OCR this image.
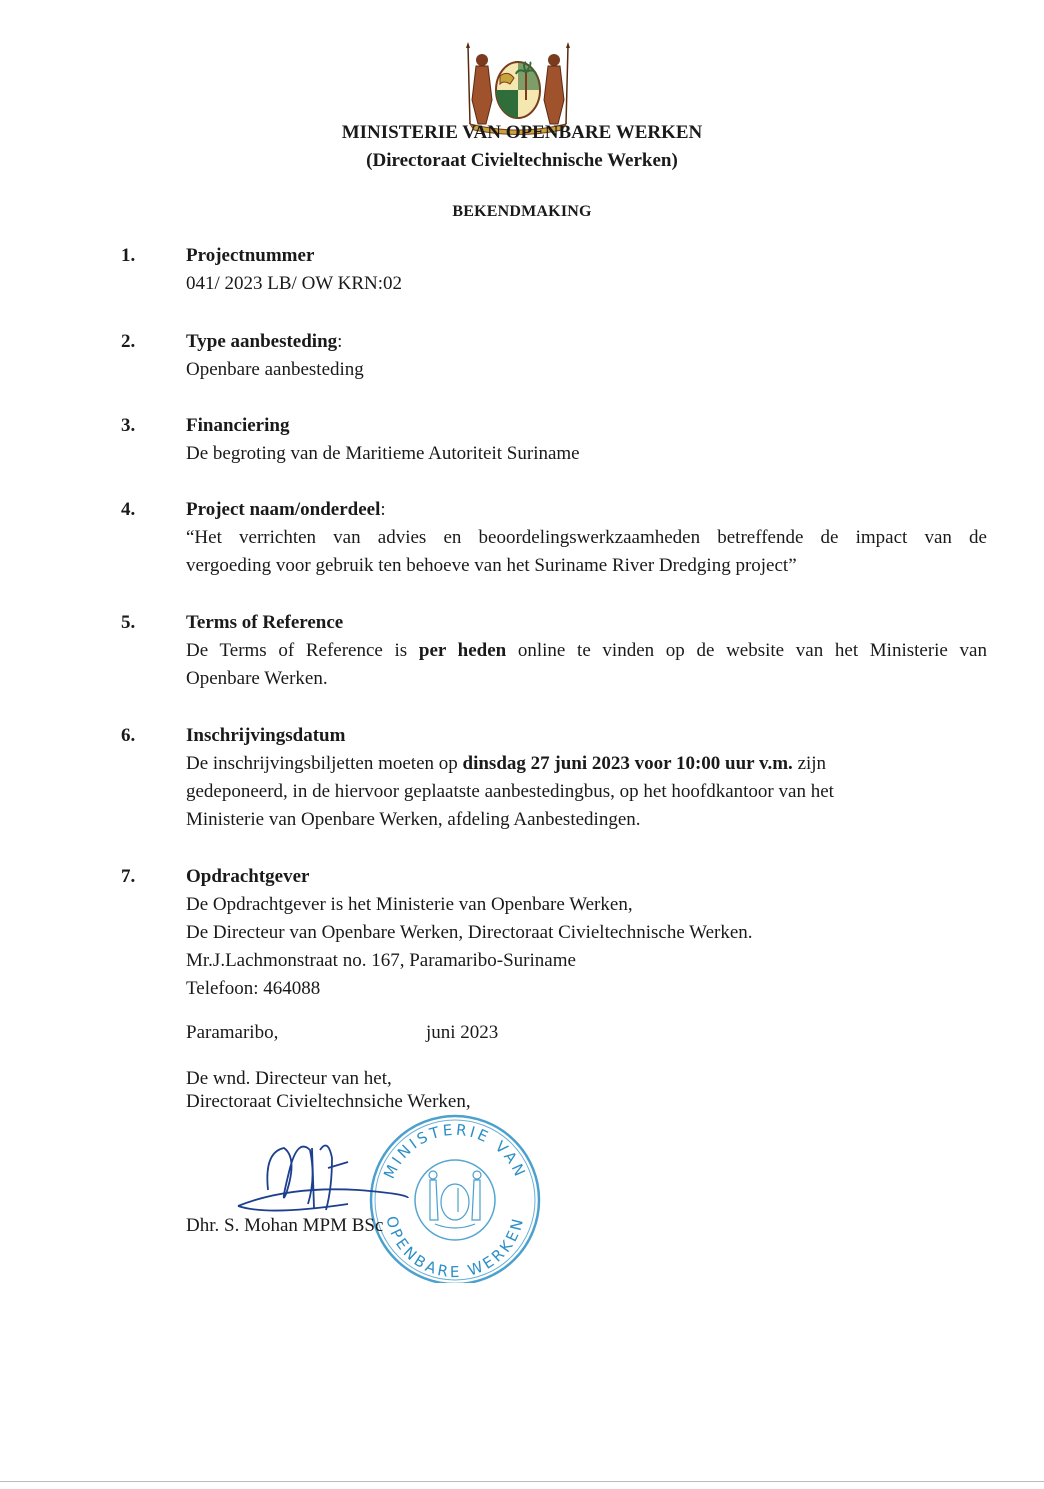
MINISTERIE VAN OPENBARE WERKEN
(Directoraat Civieltechnische Werken)
BEKENDMAKING
1.	Projectnummer
041/ 2023 LB/ OW KRN:02
2.	Type aanbesteding:
Openbare aanbesteding
3.	Financiering
De begroting van de Maritieme Autoriteit Suriname
4.	Project naam/onderdeel:
“Het verrichten van advies en beoordelingswerkzaamheden betreffende de impact van de
vergoeding voor gebruik ten behoeve van het Suriname River Dredging project”
5.	Terms of Reference
De Terms of Reference is per heden online te vinden op de website van het Ministerie van
Openbare Werken.
6.	Inschrijvingsdatum
De inschrijvingsbiljetten moeten op dinsdag 27 juni 2023 voor 10:00 uur v.m. zijn
gedeponeerd, in de hiervoor geplaatste aanbestedingbus, op het hoofdkantoor van het
Ministerie van Openbare Werken, afdeling Aanbestedingen.
7.	Opdrachtgever
De Opdrachtgever is het Ministerie van Openbare Werken,
De Directeur van Openbare Werken, Directoraat Civieltechnische Werken.
Mr.J.Lachmonstraat no. 167, Paramaribo-Suriname
Telefoon: 464088
Paramaribo,	juni 2023
De wnd. Directeur van het,
Directoraat Civieltechnsiche Werken,
MINISTERIE VAN
OPENBARE WERKEN
Dhr. S. Mohan MPM BSc
